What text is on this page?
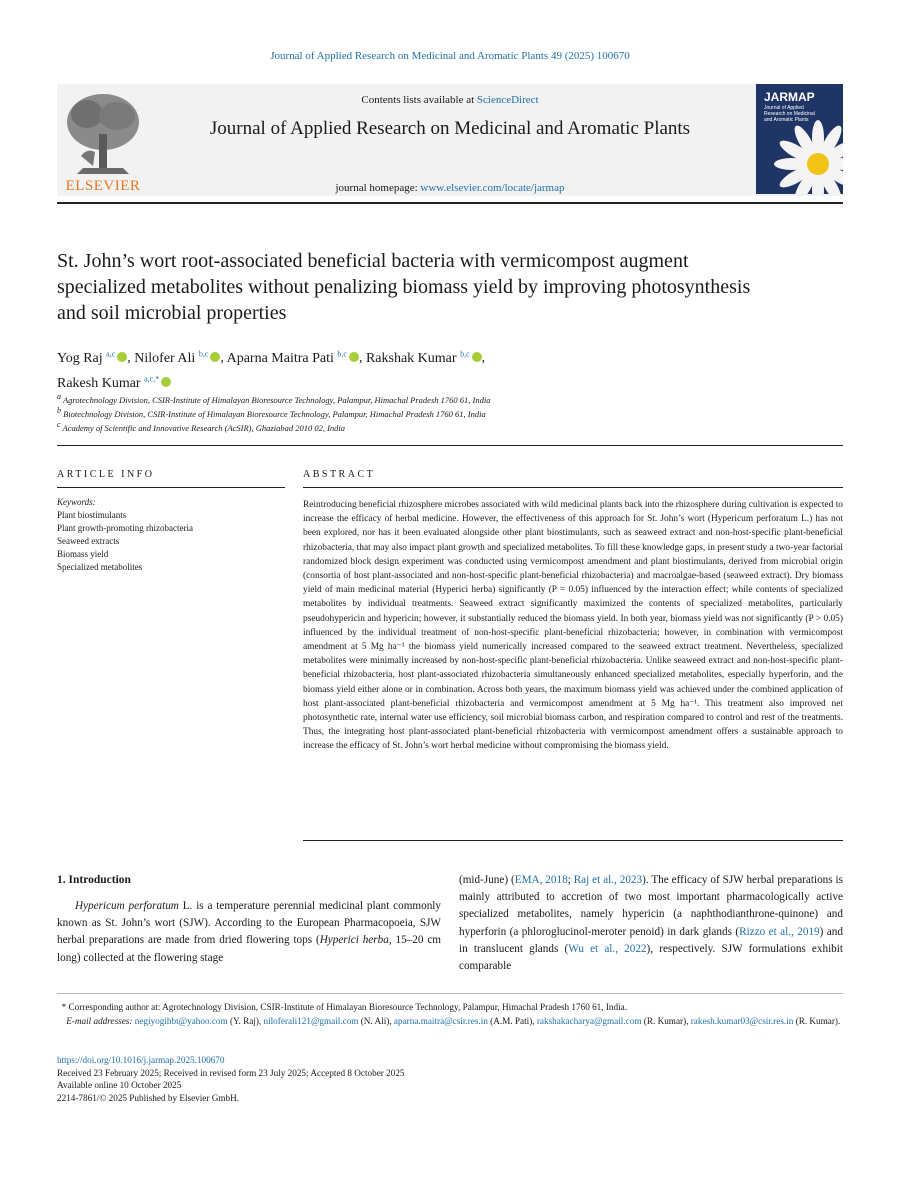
Journal of Applied Research on Medicinal and Aromatic Plants 49 (2025) 100670
ELSEVIER
Contents lists available at ScienceDirect
Journal of Applied Research on Medicinal and Aromatic Plants
journal homepage: www.elsevier.com/locate/jarmap
JARMAP
Journal of Applied Research on Medicinal and Aromatic Plants
St. John’s wort root-associated beneficial bacteria with vermicompost augment specialized metabolites without penalizing biomass yield by improving photosynthesis and soil microbial properties
Yog Raj $^{a,c}$ , Nilofer Ali $^{b,c}$ , Aparna Maitra Pati $^{b,c}$ , Rakshak Kumar $^{b,c}$ ,
Rakesh Kumar $^{a,c,*}$
a Agrotechnology Division, CSIR-Institute of Himalayan Bioresource Technology, Palampur, Himachal Pradesh 1760 61, India
b Biotechnology Division, CSIR-Institute of Himalayan Bioresource Technology, Palampur, Himachal Pradesh 1760 61, India
c Academy of Scientific and Innovative Research (AcSIR), Ghaziabad 2010 02, India
ARTICLE INFO
Keywords:
Plant biostimulants
Plant growth-promoting rhizobacteria
Seaweed extracts
Biomass yield
Specialized metabolites
ABSTRACT
Reintroducing beneficial rhizosphere microbes associated with wild medicinal plants back into the rhizosphere during cultivation is expected to increase the efficacy of herbal medicine. However, the effectiveness of this approach for St. John’s wort (Hypericum perforatum L.) has not been explored, nor has it been evaluated alongside other plant biostimulants, such as seaweed extract and non-host-specific plant-beneficial rhizobacteria, that may also impact plant growth and specialized metabolites. To fill these knowledge gaps, in present study a two-year factorial randomized block design experiment was conducted using vermicompost amendment and plant biostimulants, derived from microbial origin (consortia of host plant-associated and non-host-specific plant-beneficial rhizobacteria) and macroalgae-based (seaweed extract). Dry biomass yield of main medicinal material (Hyperici herba) significantly (P = 0.05) influenced by the interaction effect; while contents of specialized metabolites by individual treatments. Seaweed extract significantly maximized the contents of specialized metabolites, particularly pseudohypericin and hypericin; however, it substantially reduced the biomass yield. In both year, biomass yield was not significantly (P > 0.05) influenced by the individual treatment of non-host-specific plant-beneficial rhizobacteria; however, in combination with vermicompost amendment at 5 Mg ha⁻¹ the biomass yield numerically increased compared to the seaweed extract treatment. Nevertheless, specialized metabolites were minimally increased by non-host-specific plant-beneficial rhizobacteria. Unlike seaweed extract and non-host-specific plant-beneficial rhizobacteria, host plant-associated rhizobacteria simultaneously enhanced specialized metabolites, especially hyperforin, and the biomass yield either alone or in combination. Across both years, the maximum biomass yield was achieved under the combined application of host plant-associated plant-beneficial rhizobacteria and vermicompost amendment at 5 Mg ha⁻¹. This treatment also improved net photosynthetic rate, internal water use efficiency, soil microbial biomass carbon, and respiration compared to control and rest of the treatments. Thus, the integrating host plant-associated plant-beneficial rhizobacteria with vermicompost amendment offers a sustainable approach to increase the efficacy of St. John’s wort herbal medicine without compromising the biomass yield.
1. Introduction
Hypericum perforatum L. is a temperature perennial medicinal plant commonly known as St. John’s wort (SJW). According to the European Pharmacopoeia, SJW herbal preparations are made from dried flowering tops (Hyperici herba, 15–20 cm long) collected at the flowering stage
(mid-June) (EMA, 2018; Raj et al., 2023). The efficacy of SJW herbal preparations is mainly attributed to accretion of two most important pharmacologically active specialized metabolites, namely hypericin (a naphthodianthrone-quinone) and hyperforin (a phloroglucinol-meroter penoid) in dark glands (Rizzo et al., 2019) and in translucent glands (Wu et al., 2022), respectively. SJW formulations exhibit comparable
* Corresponding author at: Agrotechnology Division, CSIR-Institute of Himalayan Bioresource Technology, Palampur, Himachal Pradesh 1760 61, India.
E-mail addresses: negiyogihbt@yahoo.com (Y. Raj), niloferali121@gmail.com (N. Ali), aparna.maitra@csir.res.in (A.M. Pati), rakshakacharya@gmail.com (R. Kumar), rakesh.kumar03@csir.res.in (R. Kumar).
https://doi.org/10.1016/j.jarmap.2025.100670
Received 23 February 2025; Received in revised form 23 July 2025; Accepted 8 October 2025
Available online 10 October 2025
2214-7861/© 2025 Published by Elsevier GmbH.
